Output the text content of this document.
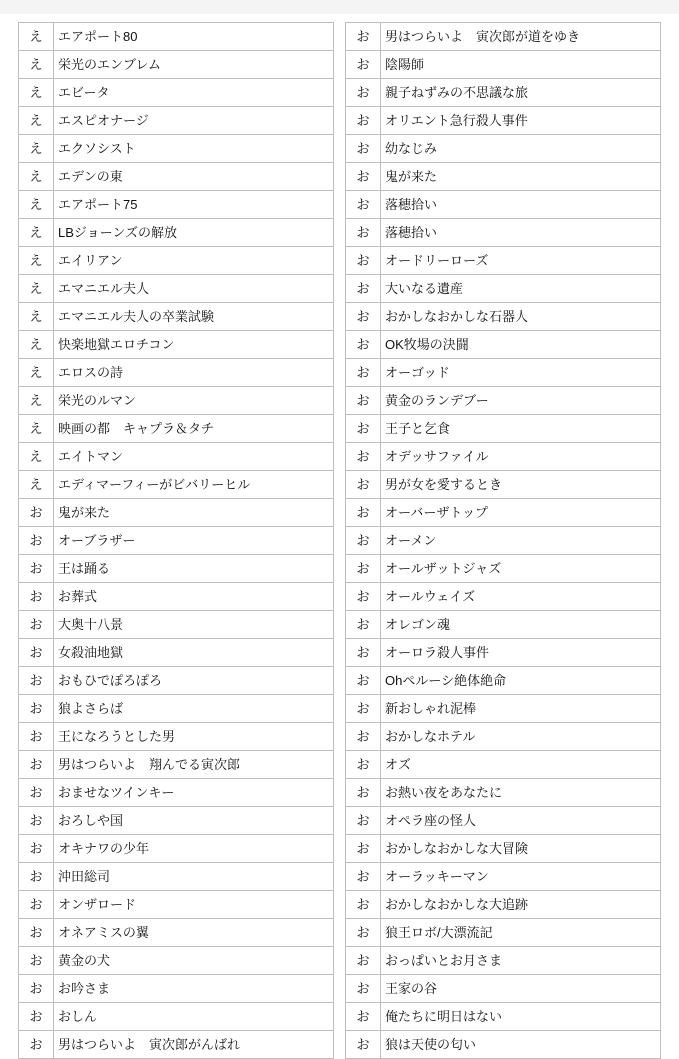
え	エアポート80
え	栄光のエンブレム
え	エビータ
え	エスピオナージ
え	エクソシスト
え	エデンの東
え	エアポート75
え	LBジョーンズの解放
え	エイリアン
え	エマニエル夫人
え	エマニエル夫人の卒業試験
え	快楽地獄エロチコン
え	エロスの詩
え	栄光のルマン
え	映画の都　キャプラ＆タチ
え	エイトマン
え	エディマーフィーがビバリーヒル
お	鬼が来た
お	オーブラザー
お	王は踊る
お	お葬式
お	大奥十八景
お	女殺油地獄
お	おもひでぽろぽろ
お	狼よさらば
お	王になろうとした男
お	男はつらいよ　翔んでる寅次郎
お	おませなツインキー
お	おろしや国
お	オキナワの少年
お	沖田総司
お	オンザロード
お	オネアミスの翼
お	黄金の犬
お	お吟さま
お	おしん
お	男はつらいよ　寅次郎がんばれ
お	男はつらいよ　寅次郎が道をゆき
お	陰陽師
お	親子ねずみの不思議な旅
お	オリエント急行殺人事件
お	幼なじみ
お	鬼が来た
お	落穂拾い
お	落穂拾い
お	オードリーローズ
お	大いなる遺産
お	おかしなおかしな石器人
お	OK牧場の決闘
お	オーゴッド
お	黄金のランデブー
お	王子と乞食
お	オデッサファイル
お	男が女を愛するとき
お	オーバーザトップ
お	オーメン
お	オールザットジャズ
お	オールウェイズ
お	オレゴン魂
お	オーロラ殺人事件
お	Ohペルーシ絶体絶命
お	新おしゃれ泥棒
お	おかしなホテル
お	オズ
お	お熱い夜をあなたに
お	オペラ座の怪人
お	おかしなおかしな大冒険
お	オーラッキーマン
お	おかしなおかしな大追跡
お	狼王ロボ/大漂流記
お	おっぱいとお月さま
お	王家の谷
お	俺たちに明日はない
お	狼は天使の匂い
